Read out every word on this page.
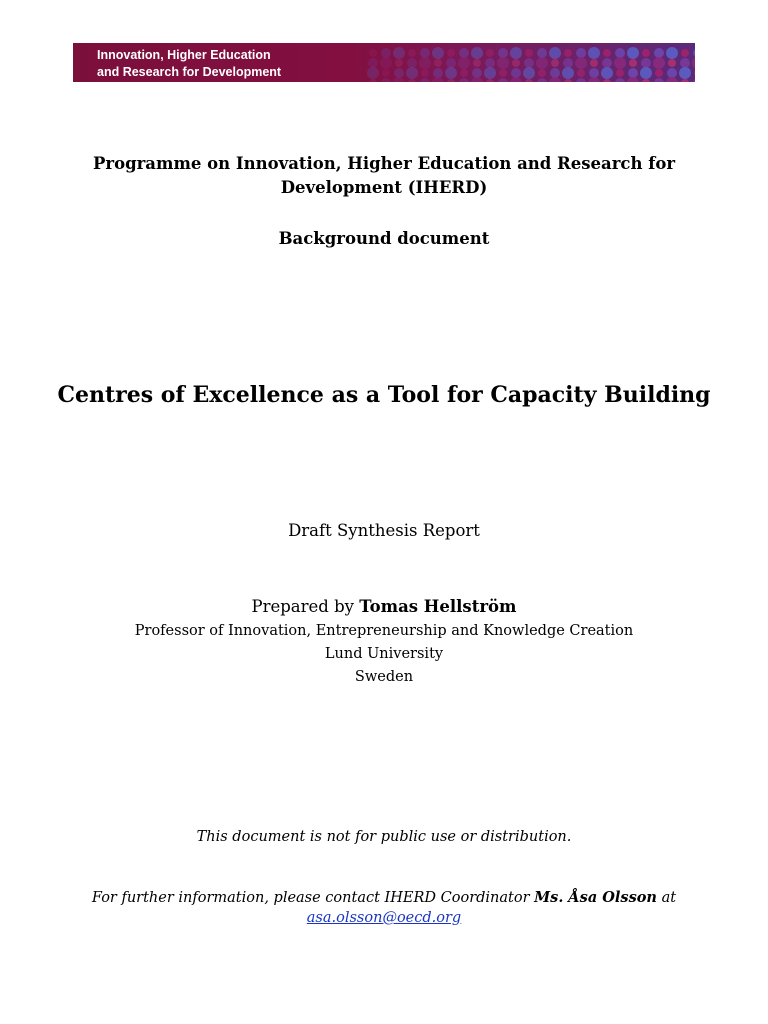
Innovation, Higher Education
and Research for Development
Programme on Innovation, Higher Education and Research for
Development (IHERD)
Background document
Centres of Excellence as a Tool for Capacity Building
Draft Synthesis Report
Prepared by Tomas Hellström
Professor of Innovation, Entrepreneurship and Knowledge Creation
Lund University
Sweden
This document is not for public use or distribution.
For further information, please contact IHERD Coordinator Ms. Åsa Olsson at
asa.olsson@oecd.org
